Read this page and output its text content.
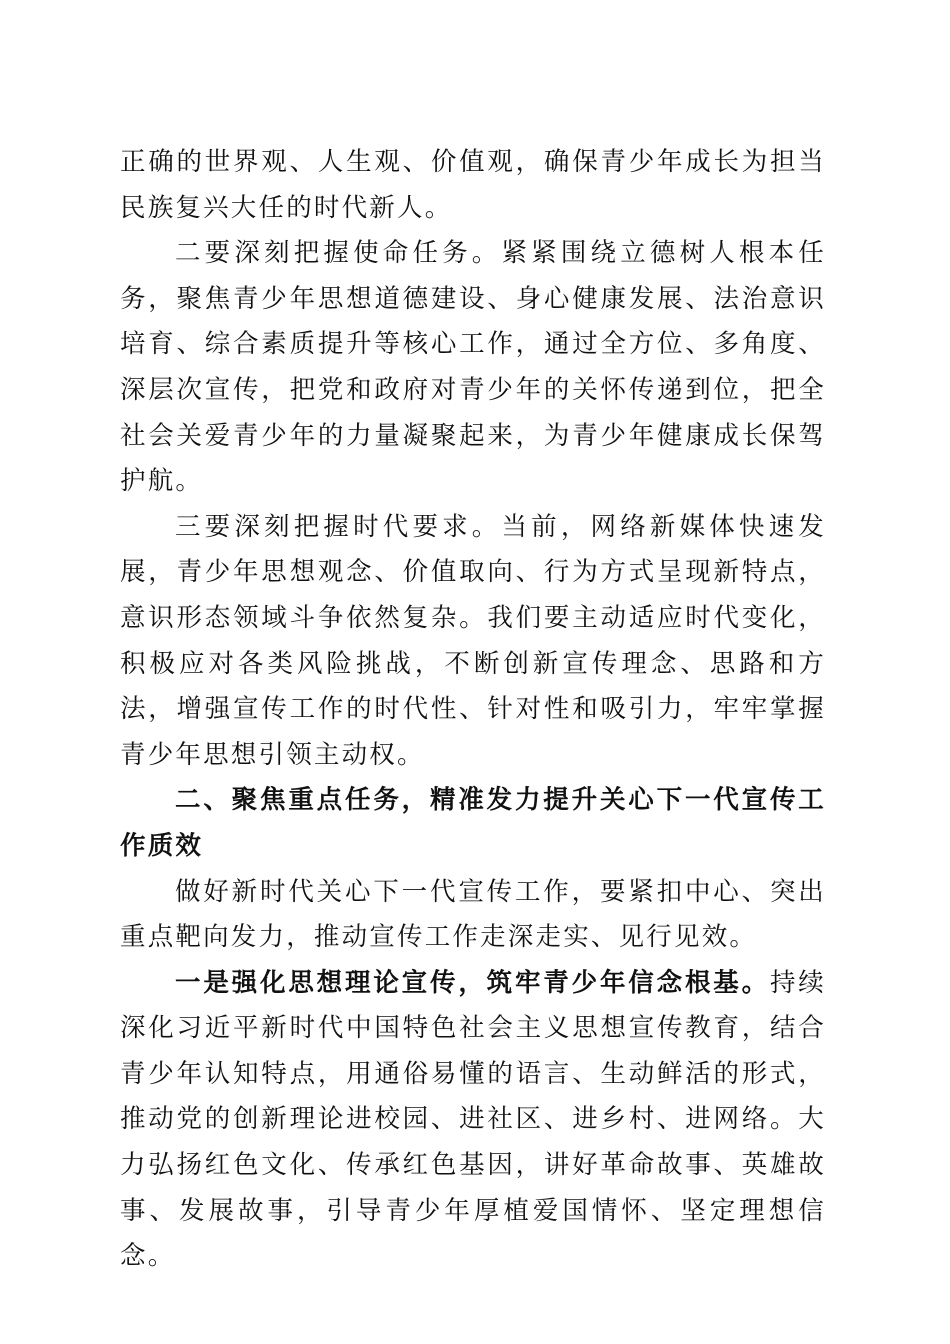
正确的世界观、人生观、价值观，确保青少年成长为担当民族复兴大任的时代新人。

二要深刻把握使命任务。紧紧围绕立德树人根本任务，聚焦青少年思想道德建设、身心健康发展、法治意识培育、综合素质提升等核心工作，通过全方位、多角度、深层次宣传，把党和政府对青少年的关怀传递到位，把全社会关爱青少年的力量凝聚起来，为青少年健康成长保驾护航。

三要深刻把握时代要求。当前，网络新媒体快速发展，青少年思想观念、价值取向、行为方式呈现新特点，意识形态领域斗争依然复杂。我们要主动适应时代变化，积极应对各类风险挑战，不断创新宣传理念、思路和方法，增强宣传工作的时代性、针对性和吸引力，牢牢掌握青少年思想引领主动权。

二、聚焦重点任务，精准发力提升关心下一代宣传工作质效

做好新时代关心下一代宣传工作，要紧扣中心、突出重点靶向发力，推动宣传工作走深走实、见行见效。

一是强化思想理论宣传，筑牢青少年信念根基。持续深化习近平新时代中国特色社会主义思想宣传教育，结合青少年认知特点，用通俗易懂的语言、生动鲜活的形式，推动党的创新理论进校园、进社区、进乡村、进网络。大力弘扬红色文化、传承红色基因，讲好革命故事、英雄故事、发展故事，引导青少年厚植爱国情怀、坚定理想信念。
